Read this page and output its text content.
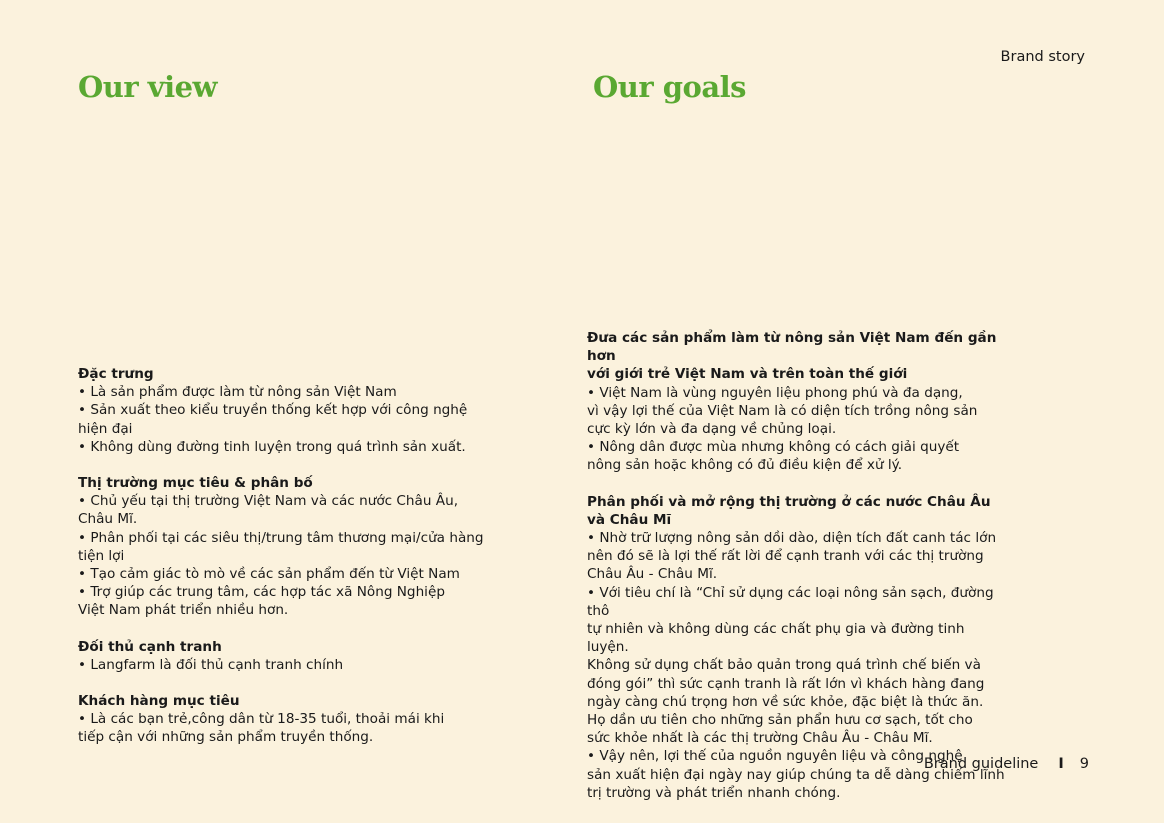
Our view	Our goals
Brand story
Đặc trưng
• Là sản phẩm được làm từ nông sản Việt Nam
• Sản xuất theo kiểu truyền thống kết hợp với công nghệ
hiện đại
• Không dùng đường tinh luyện trong quá trình sản xuất.
Thị trường mục tiêu & phân bố
• Chủ yếu tại thị trường Việt Nam và các nước Châu Âu,
Châu Mĩ.
• Phân phối tại các siêu thị/trung tâm thương mại/cửa hàng
tiện lợi
• Tạo cảm giác tò mò về các sản phẩm đến từ Việt Nam
• Trợ giúp các trung tâm, các hợp tác xã Nông Nghiệp
Việt Nam phát triển nhiều hơn.
Đối thủ cạnh tranh
• Langfarm là đối thủ cạnh tranh chính
Khách hàng mục tiêu
• Là các bạn trẻ,công dân từ 18-35 tuổi, thoải mái khi
tiếp cận với những sản phẩm truyền thống.
Đưa các sản phẩm làm từ nông sản Việt Nam đến gần hơn
với giới trẻ Việt Nam và trên toàn thế giới
• Việt Nam là vùng nguyên liệu phong phú và đa dạng,
vì vậy lợi thế của Việt Nam là có diện tích trồng nông sản
cực kỳ lớn và đa dạng về chủng loại.
• Nông dân được mùa nhưng không có cách giải quyết
nông sản hoặc không có đủ điều kiện để xử lý.
Phân phối và mở rộng thị trường ở các nước Châu Âu
và Châu Mĩ
• Nhờ trữ lượng nông sản dồi dào, diện tích đất canh tác lớn
nên đó sẽ là lợi thế rất lời để cạnh tranh với các thị trường
Châu Âu - Châu Mĩ.
• Với tiêu chí là “Chỉ sử dụng các loại nông sản sạch, đường thô
tự nhiên và không dùng các chất phụ gia và đường tinh luyện.
Không sử dụng chất bảo quản trong quá trình chế biến và
đóng gói” thì sức cạnh tranh là rất lớn vì khách hàng đang
ngày càng chú trọng hơn về sức khỏe, đặc biệt là thức ăn.
Họ dần ưu tiên cho những sản phẩn hưu cơ sạch, tốt cho
sức khỏe nhất là các thị trường Châu Âu - Châu Mĩ.
• Vậy nên, lợi thế của nguồn nguyên liệu và công nghệ
sản xuất hiện đại ngày nay giúp chúng ta dễ dàng chiếm lĩnh
trị trường và phát triển nhanh chóng.
Brand guideline I 9
